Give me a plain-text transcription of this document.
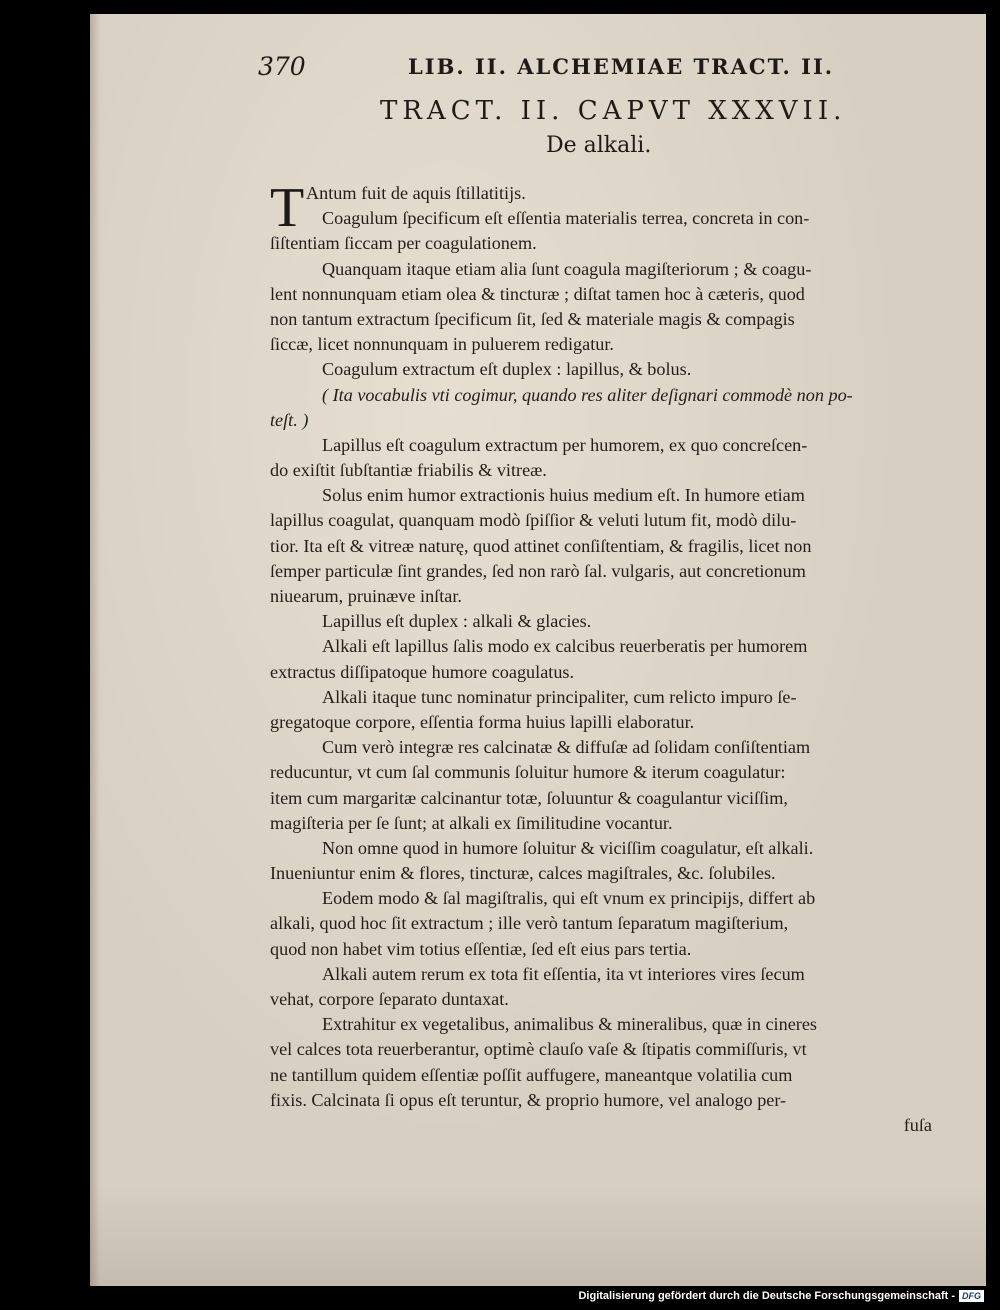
370	LIB. II. ALCHEMIAE TRACT. II.
TRACT. II. CAPVT XXXVII.
De alkali.
T Antum fuit de aquis ſtillatitijs.
Coagulum ſpecificum eſt eſſentia materialis terrea, concreta in con-
ſiſtentiam ſiccam per coagulationem.
Quanquam itaque etiam alia ſunt coagula magiſteriorum ; & coagu-
lent nonnunquam etiam olea & tincturæ ; diſtat tamen hoc à cæteris, quod
non tantum extractum ſpecificum ſit, ſed & materiale magis & compagis
ſiccæ, licet nonnunquam in puluerem redigatur.
Coagulum extractum eſt duplex : lapillus, & bolus.
( Ita vocabulis vti cogimur, quando res aliter deſignari commodè non po-
teſt. )
Lapillus eſt coagulum extractum per humorem, ex quo concreſcen-
do exiſtit ſubſtantiæ friabilis & vitreæ.
Solus enim humor extractionis huius medium eſt. In humore etiam
lapillus coagulat, quanquam modò ſpiſſior & veluti lutum fit, modò dilu-
tior. Ita eſt & vitreæ naturę, quod attinet conſiſtentiam, & fragilis, licet non
ſemper particulæ ſint grandes, ſed non rarò ſal. vulgaris, aut concretionum
niuearum, pruinæve inſtar.
Lapillus eſt duplex : alkali & glacies.
Alkali eſt lapillus ſalis modo ex calcibus reuerberatis per humorem
extractus diſſipatoque humore coagulatus.
Alkali itaque tunc nominatur principaliter, cum relicto impuro ſe-
gregatoque corpore, eſſentia forma huius lapilli elaboratur.
Cum verò integræ res calcinatæ & diffuſæ ad ſolidam conſiſtentiam
reducuntur, vt cum ſal communis ſoluitur humore & iterum coagulatur:
item cum margaritæ calcinantur totæ, ſoluuntur & coagulantur viciſſim,
magiſteria per ſe ſunt; at alkali ex ſimilitudine vocantur.
Non omne quod in humore ſoluitur & viciſſim coagulatur, eſt alkali.
Inueniuntur enim & flores, tincturæ, calces magiſtrales, &c. ſolubiles.
Eodem modo & ſal magiſtralis, qui eſt vnum ex principijs, differt ab
alkali, quod hoc ſit extractum ; ille verò tantum ſeparatum magiſterium,
quod non habet vim totius eſſentiæ, ſed eſt eius pars tertia.
Alkali autem rerum ex tota fit eſſentia, ita vt interiores vires ſecum
vehat, corpore ſeparato duntaxat.
Extrahitur ex vegetalibus, animalibus & mineralibus, quæ in cineres
vel calces tota reuerberantur, optimè clauſo vaſe & ſtipatis commiſſuris, vt
ne tantillum quidem eſſentiæ poſſit auffugere, maneantque volatilia cum
fixis. Calcinata ſi opus eſt teruntur, & proprio humore, vel analogo per-
fuſa
Digitalisierung gefördert durch die Deutsche Forschungsgemeinschaft - DFG
